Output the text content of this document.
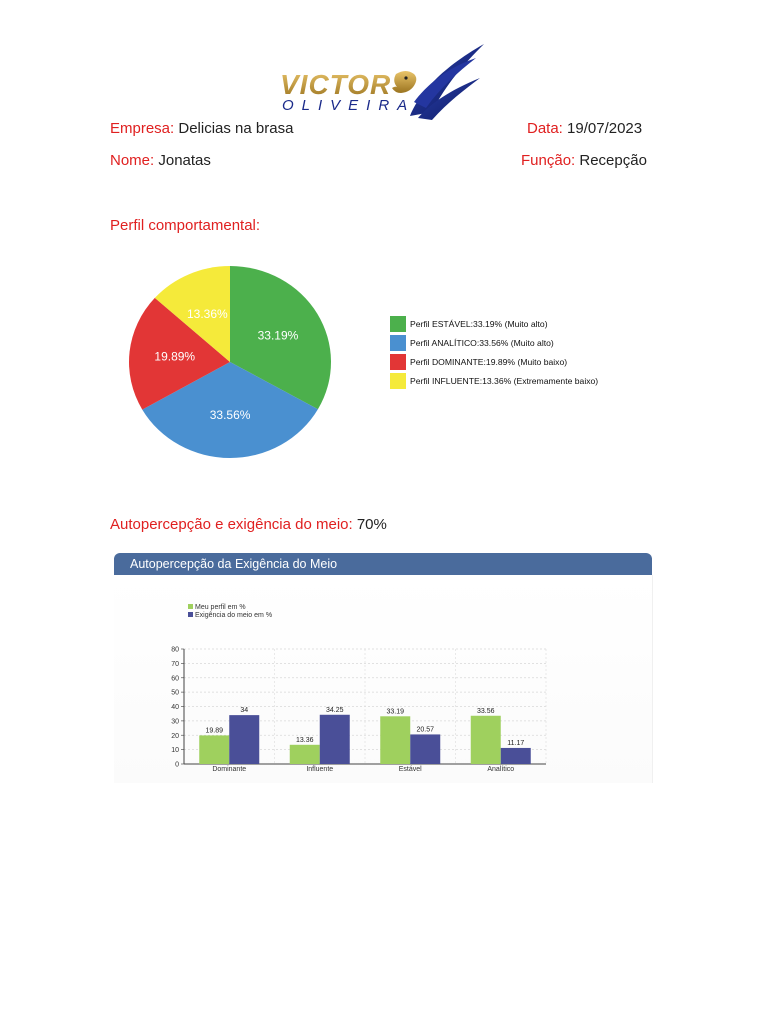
VICTOR
OLIVEIRA
Empresa: Delicias na brasa	Data: 19/07/2023
Nome: Jonatas	Função: Recepção
Perfil comportamental:
33.19%
33.56%
19.89%
13.36%
Perfil ESTÁVEL:33.19% (Muito alto)
Perfil ANALÍTICO:33.56% (Muito alto)
Perfil DOMINANTE:19.89% (Muito baixo)
Perfil INFLUENTE:13.36% (Extremamente baixo)
Autopercepção e exigência do meio: 70%
Autopercepção da Exigência do Meio
Meu perfil em %
Exigência do meio em %
0
10
20
30
40
50
60
70
80
19.89
34
Dominante
13.36
34.25
Influente
33.19
20.57
Estável
33.56
11.17
Analítico
